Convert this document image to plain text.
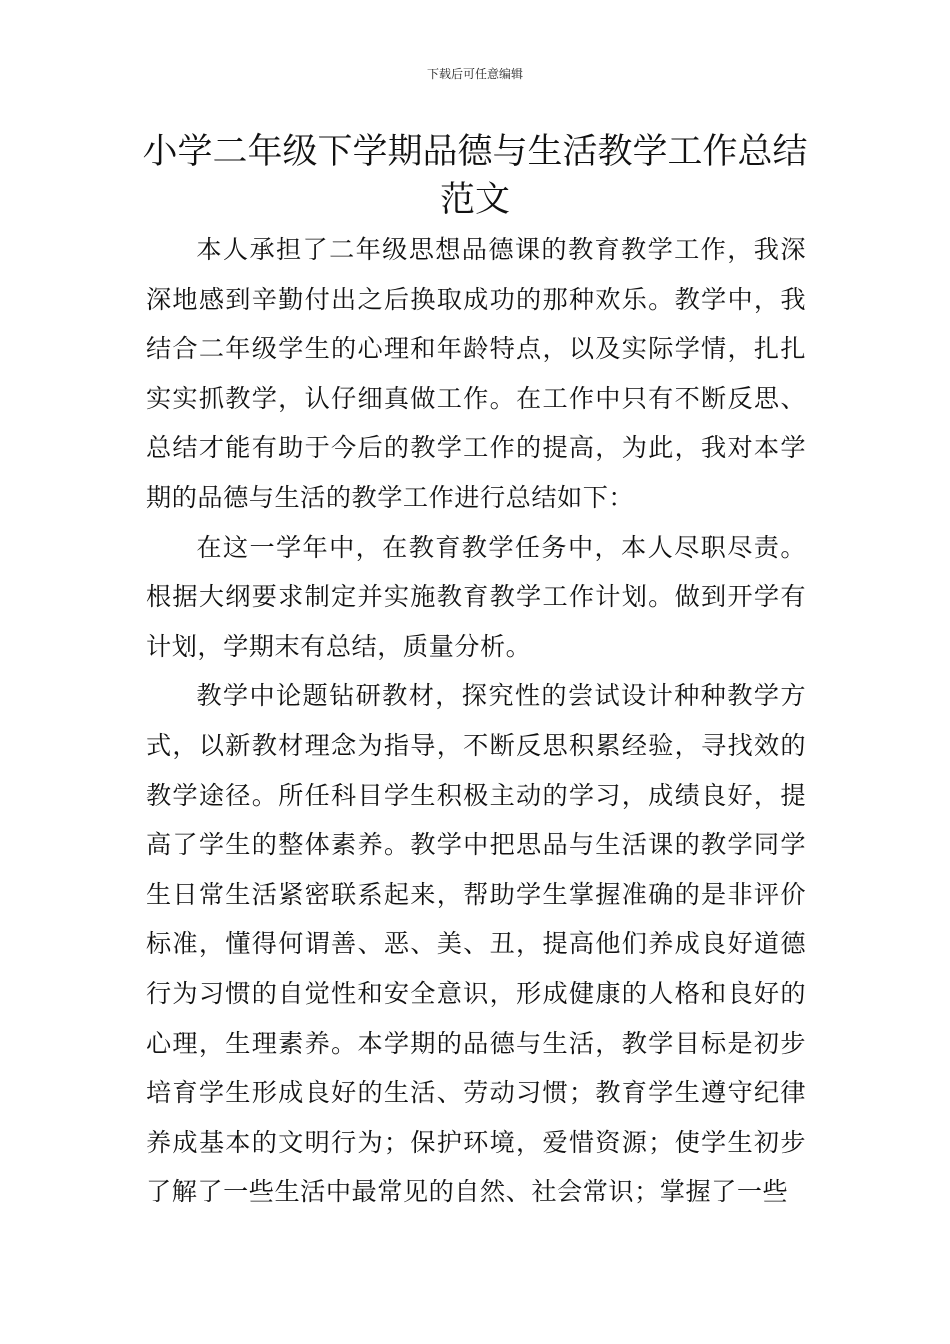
下载后可任意编辑
小学二年级下学期品德与生活教学工作总结范文

本人承担了二年级思想品德课的教育教学工作，我深深地感到辛勤付出之后换取成功的那种欢乐。教学中，我结合二年级学生的心理和年龄特点，以及实际学情，扎扎实实抓教学，认仔细真做工作。在工作中只有不断反思、总结才能有助于今后的教学工作的提高，为此，我对本学期的品德与生活的教学工作进行总结如下：

在这一学年中，在教育教学任务中，本人尽职尽责。根据大纲要求制定并实施教育教学工作计划。做到开学有计划，学期末有总结，质量分析。

教学中论题钻研教材，探究性的尝试设计种种教学方式，以新教材理念为指导，不断反思积累经验，寻找效的教学途径。所任科目学生积极主动的学习，成绩良好，提高了学生的整体素养。教学中把思品与生活课的教学同学生日常生活紧密联系起来，帮助学生掌握准确的是非评价标准，懂得何谓善、恶、美、丑，提高他们养成良好道德行为习惯的自觉性和安全意识，形成健康的人格和良好的心理，生理素养。本学期的品德与生活，教学目标是初步培育学生形成良好的生活、劳动习惯；教育学生遵守纪律养成基本的文明行为；保护环境，爱惜资源；使学生初步了解了一些生活中最常见的自然、社会常识；掌握了一些
